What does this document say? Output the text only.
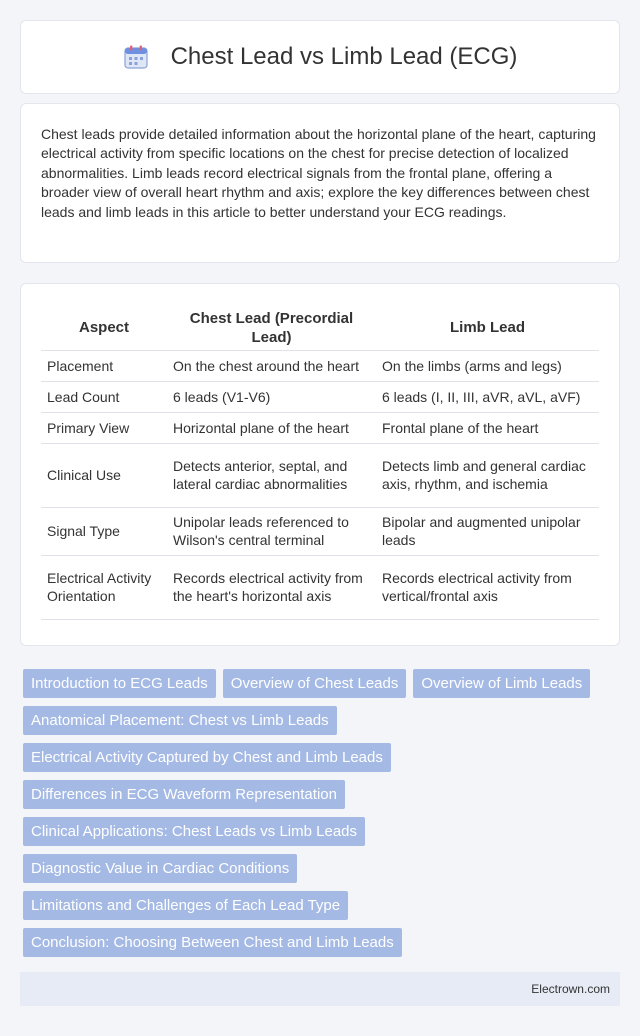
Chest Lead vs Limb Lead (ECG)

Chest leads provide detailed information about the horizontal plane of the heart, capturing electrical activity from specific locations on the chest for precise detection of localized abnormalities. Limb leads record electrical signals from the frontal plane, offering a broader view of overall heart rhythm and axis; explore the key differences between chest leads and limb leads in this article to better understand your ECG readings.

Aspect	Chest Lead (Precordial Lead)	Limb Lead
Placement	On the chest around the heart	On the limbs (arms and legs)
Lead Count	6 leads (V1-V6)	6 leads (I, II, III, aVR, aVL, aVF)
Primary View	Horizontal plane of the heart	Frontal plane of the heart
Clinical Use	Detects anterior, septal, and lateral cardiac abnormalities	Detects limb and general cardiac axis, rhythm, and ischemia
Signal Type	Unipolar leads referenced to Wilson's central terminal	Bipolar and augmented unipolar leads
Electrical Activity Orientation	Records electrical activity from the heart's horizontal axis	Records electrical activity from vertical/frontal axis
Introduction to ECG Leads	Overview of Chest Leads	Overview of Limb Leads
Anatomical Placement: Chest vs Limb Leads
Electrical Activity Captured by Chest and Limb Leads
Differences in ECG Waveform Representation
Clinical Applications: Chest Leads vs Limb Leads
Diagnostic Value in Cardiac Conditions
Limitations and Challenges of Each Lead Type
Conclusion: Choosing Between Chest and Limb Leads
Electrown.com
